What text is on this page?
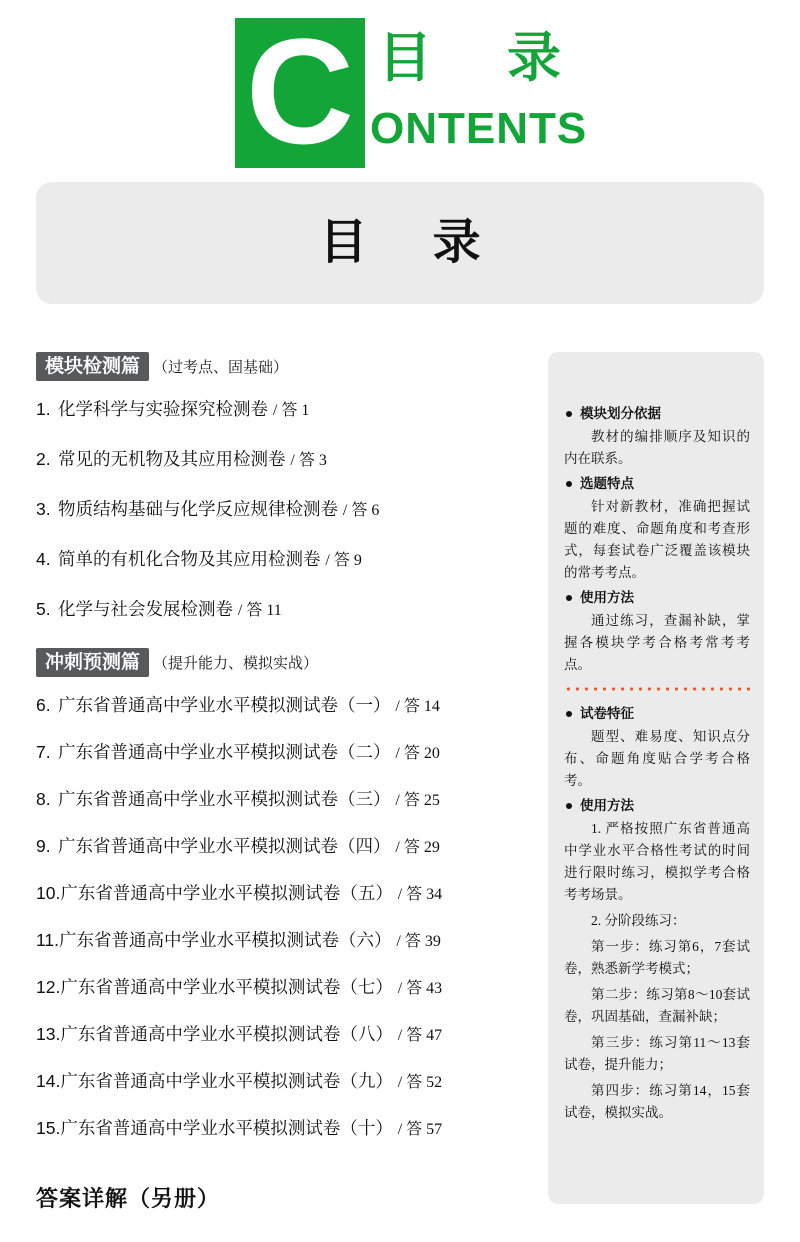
C 目 录
ONTENTS
目 录
模块检测篇 （过考点、固基础）

1. 化学科学与实验探究检测卷 / 答 1

2. 常见的无机物及其应用检测卷 / 答 3

3. 物质结构基础与化学反应规律检测卷 / 答 6

4. 简单的有机化合物及其应用检测卷 / 答 9

5. 化学与社会发展检测卷 / 答 11

冲刺预测篇 （提升能力、模拟实战）

6. 广东省普通高中学业水平模拟测试卷（一） / 答 14

7. 广东省普通高中学业水平模拟测试卷（二） / 答 20

8. 广东省普通高中学业水平模拟测试卷（三） / 答 25

9. 广东省普通高中学业水平模拟测试卷（四） / 答 29

10.广东省普通高中学业水平模拟测试卷（五） / 答 34

11.广东省普通高中学业水平模拟测试卷（六） / 答 39

12.广东省普通高中学业水平模拟测试卷（七） / 答 43

13.广东省普通高中学业水平模拟测试卷（八） / 答 47

14.广东省普通高中学业水平模拟测试卷（九） / 答 52

15.广东省普通高中学业水平模拟测试卷（十） / 答 57

答案详解（另册）
模块划分依据

教材的编排顺序及知识的内在联系。

选题特点

针对新教材，准确把握试题的难度、命题角度和考查形式，每套试卷广泛覆盖该模块的常考考点。

使用方法

通过练习，查漏补缺，掌握各模块学考合格考常考考点。

试卷特征

题型、难易度、知识点分布、命题角度贴合学考合格考。

使用方法

1. 严格按照广东省普通高中学业水平合格性考试的时间进行限时练习，模拟学考合格考考场景。

2. 分阶段练习：

第一步：练习第6，7套试卷，熟悉新学考模式；

第二步：练习第8～10套试卷，巩固基础，查漏补缺；

第三步：练习第11～13套试卷，提升能力；

第四步：练习第14，15套试卷，模拟实战。
